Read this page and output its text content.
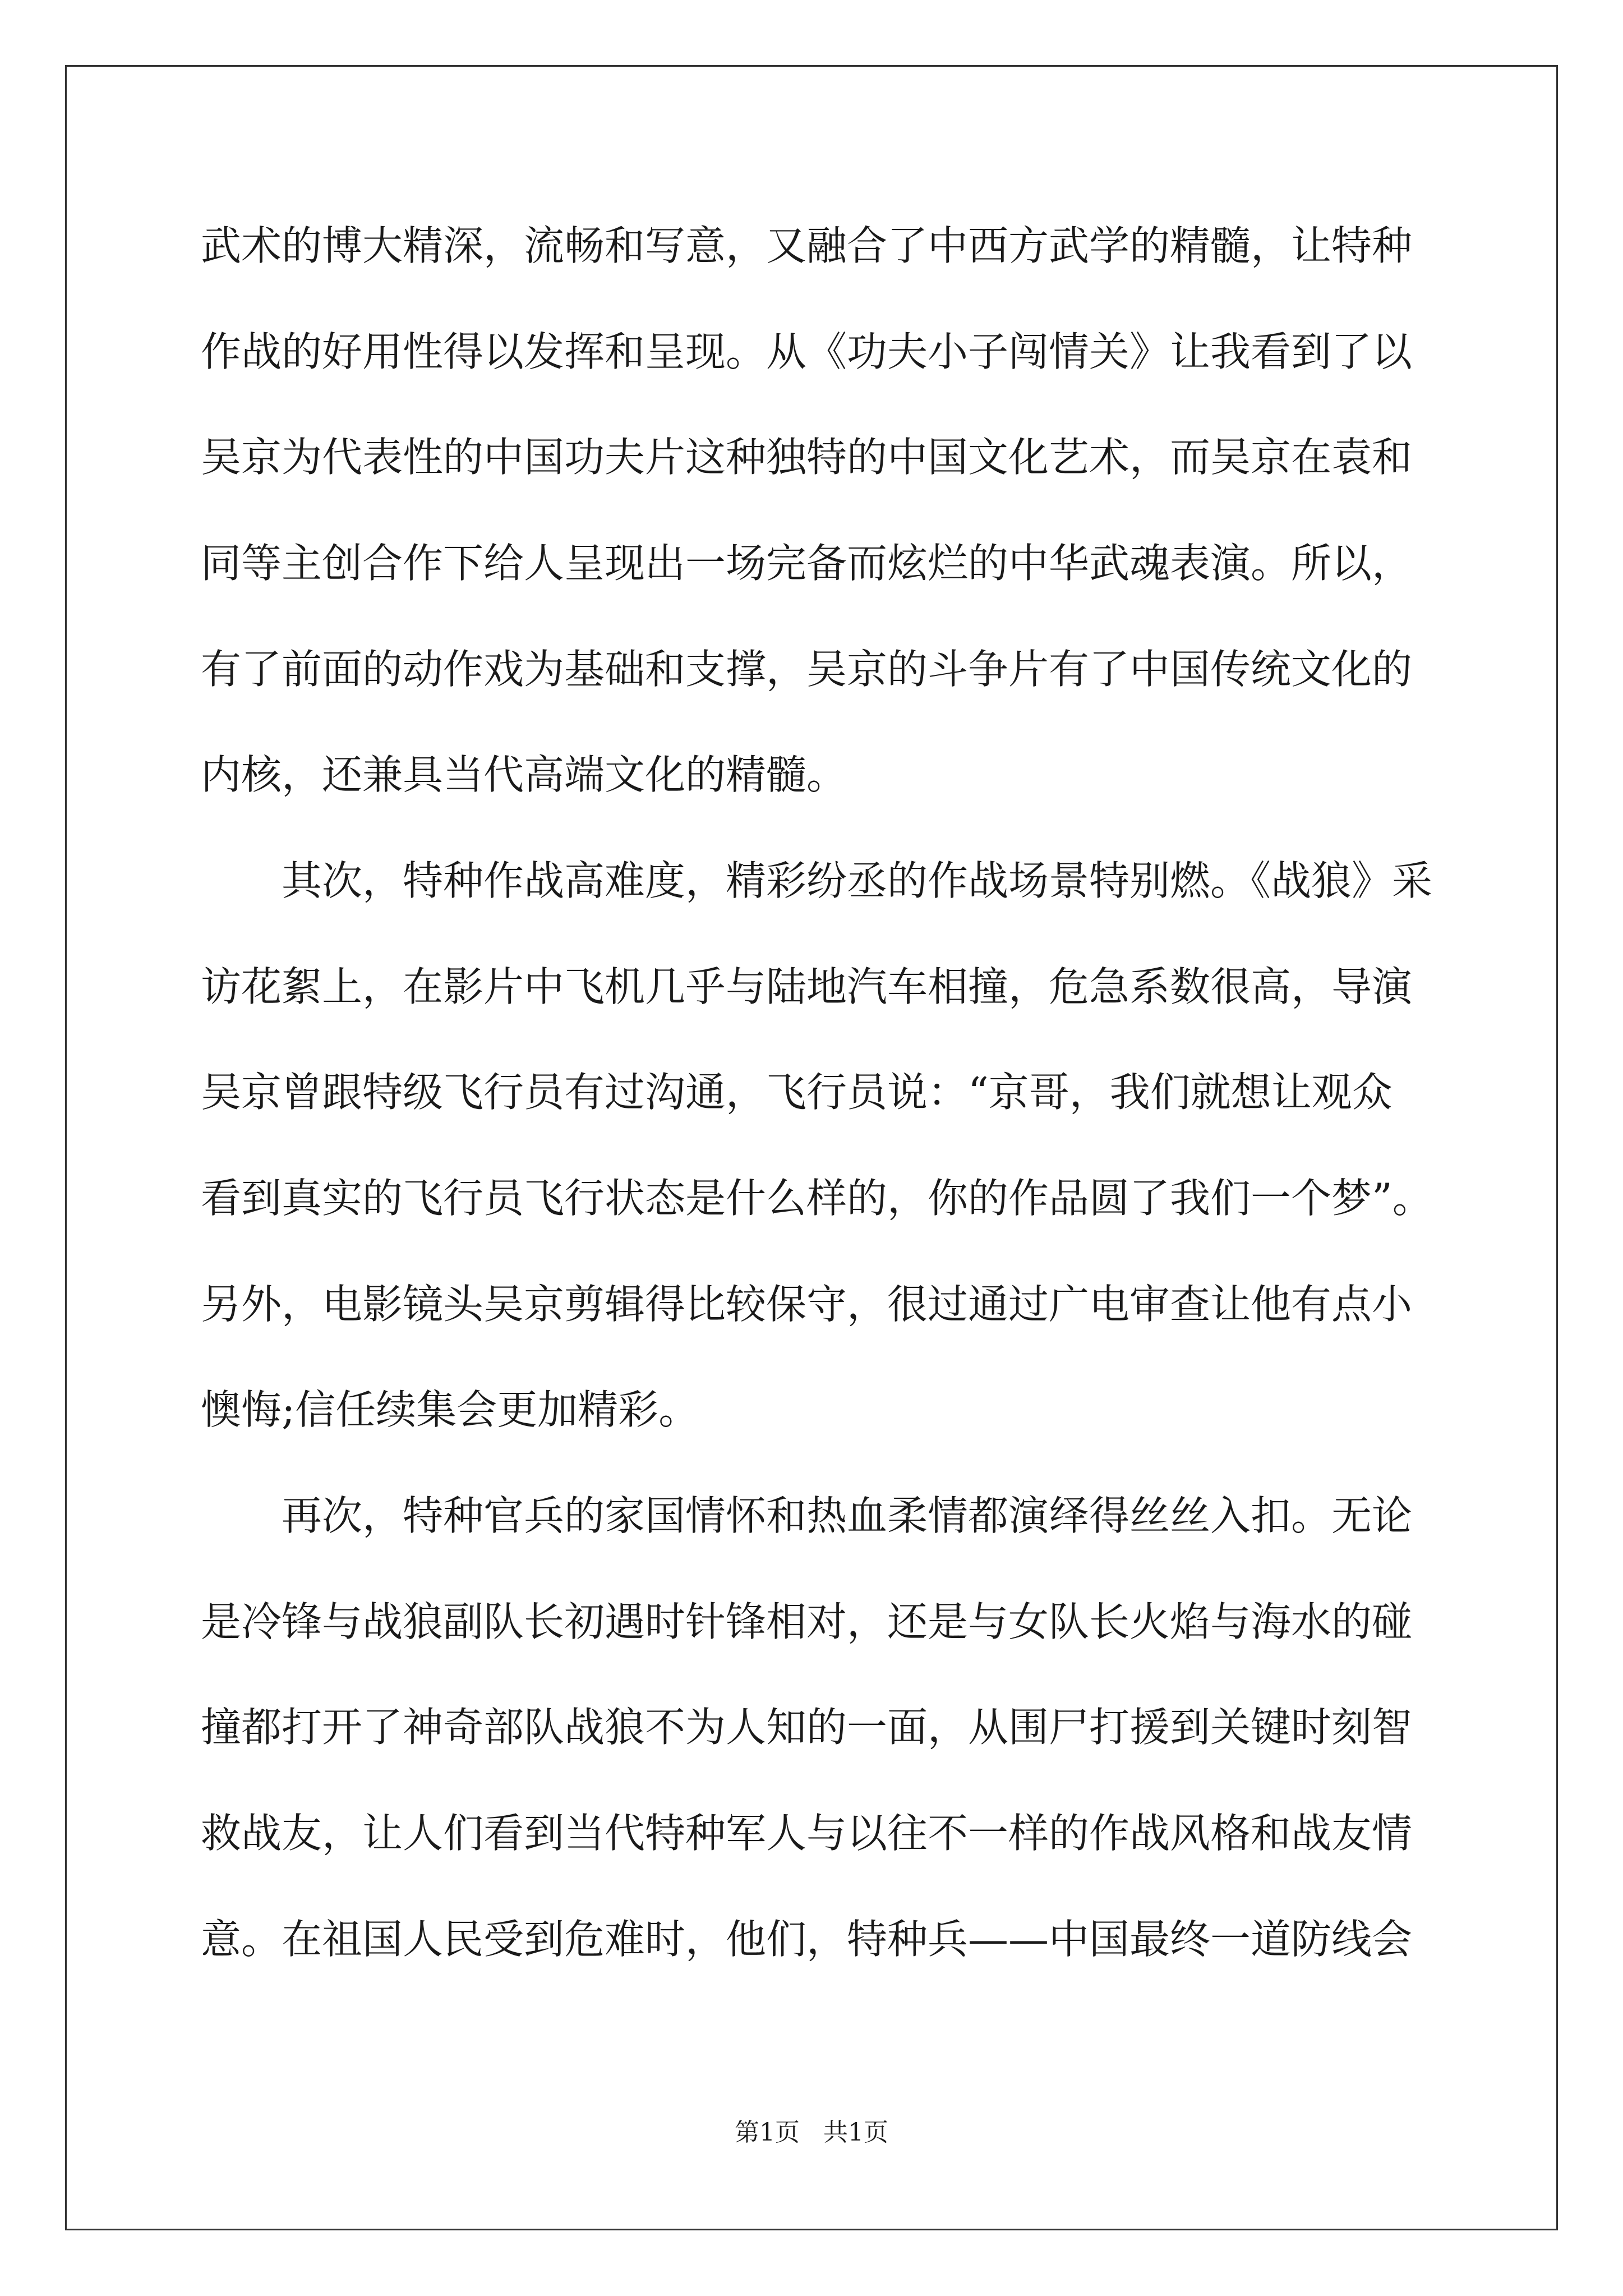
武术的博大精深，流畅和写意，又融合了中西方武学的精髓，让特种
作战的好用性得以发挥和呈现。从《功夫小子闯情关》让我看到了以
吴京为代表性的中国功夫片这种独特的中国文化艺术，而吴京在袁和
同等主创合作下给人呈现出一场完备而炫烂的中华武魂表演。所以，
有了前面的动作戏为基础和支撑，吴京的斗争片有了中国传统文化的
内核，还兼具当代高端文化的精髓。
其次，特种作战高难度，精彩纷丞的作战场景特别燃。《战狼》采
访花絮上，在影片中飞机几乎与陆地汽车相撞，危急系数很高，导演
吴京曾跟特级飞行员有过沟通，飞行员说：“京哥，我们就想让观众
看到真实的飞行员飞行状态是什么样的，你的作品圆了我们一个梦”。
另外，电影镜头吴京剪辑得比较保守，很过通过广电审查让他有点小
懊悔;信任续集会更加精彩。
再次，特种官兵的家国情怀和热血柔情都演绎得丝丝入扣。无论
是冷锋与战狼副队长初遇时针锋相对，还是与女队长火焰与海水的碰
撞都打开了神奇部队战狼不为人知的一面，从围尸打援到关键时刻智
救战友，让人们看到当代特种军人与以往不一样的作战风格和战友情
意。在祖国人民受到危难时，他们，特种兵——中国最终一道防线会
第1页   共1页
